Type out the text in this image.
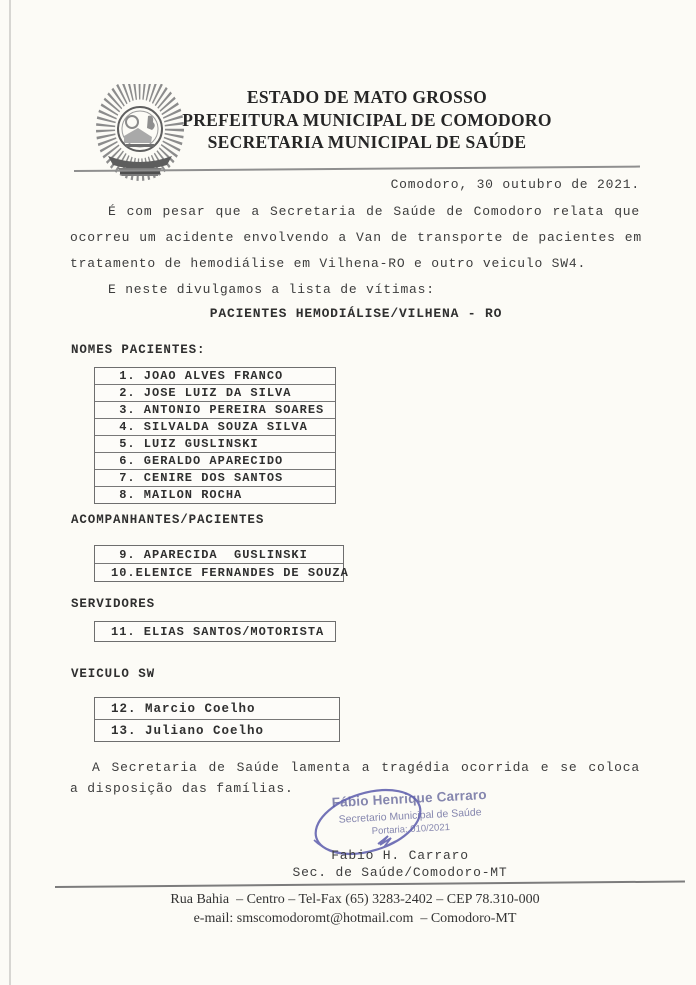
ESTADO DE MATO GROSSO
PREFEITURA MUNICIPAL DE COMODORO
SECRETARIA MUNICIPAL DE SAÚDE
Comodoro, 30 outubro de 2021.
É com pesar que a Secretaria de Saúde de Comodoro relata que
ocorreu um acidente envolvendo a Van de transporte de pacientes em
tratamento de hemodiálise em Vilhena-RO e outro veiculo SW4.
E neste divulgamos a lista de vítimas:
PACIENTES HEMODIÁLISE/VILHENA - RO
NOMES PACIENTES:
1. JOAO ALVES FRANCO
2. JOSE LUIZ DA SILVA
3. ANTONIO PEREIRA SOARES
4. SILVALDA SOUZA SILVA
5. LUIZ GUSLINSKI
6. GERALDO APARECIDO
7. CENIRE DOS SANTOS
8. MAILON ROCHA
ACOMPANHANTES/PACIENTES
9. APARECIDA  GUSLINSKI
10.ELENICE FERNANDES DE SOUZA
SERVIDORES
11. ELIAS SANTOS/MOTORISTA
VEICULO SW
12. Marcio Coelho
13. Juliano Coelho
A Secretaria de Saúde lamenta a tragédia ocorrida e se coloca
a disposição das famílias.	Fábio Henrique Carraro
Secretario Municipal de Saúde
Portaria: 010/2021
Fabio H. Carraro
Sec. de Saúde/Comodoro-MT
Rua Bahia  – Centro – Tel-Fax (65) 3283-2402 – CEP 78.310-000
e-mail: smscomodoromt@hotmail.com  – Comodoro-MT
